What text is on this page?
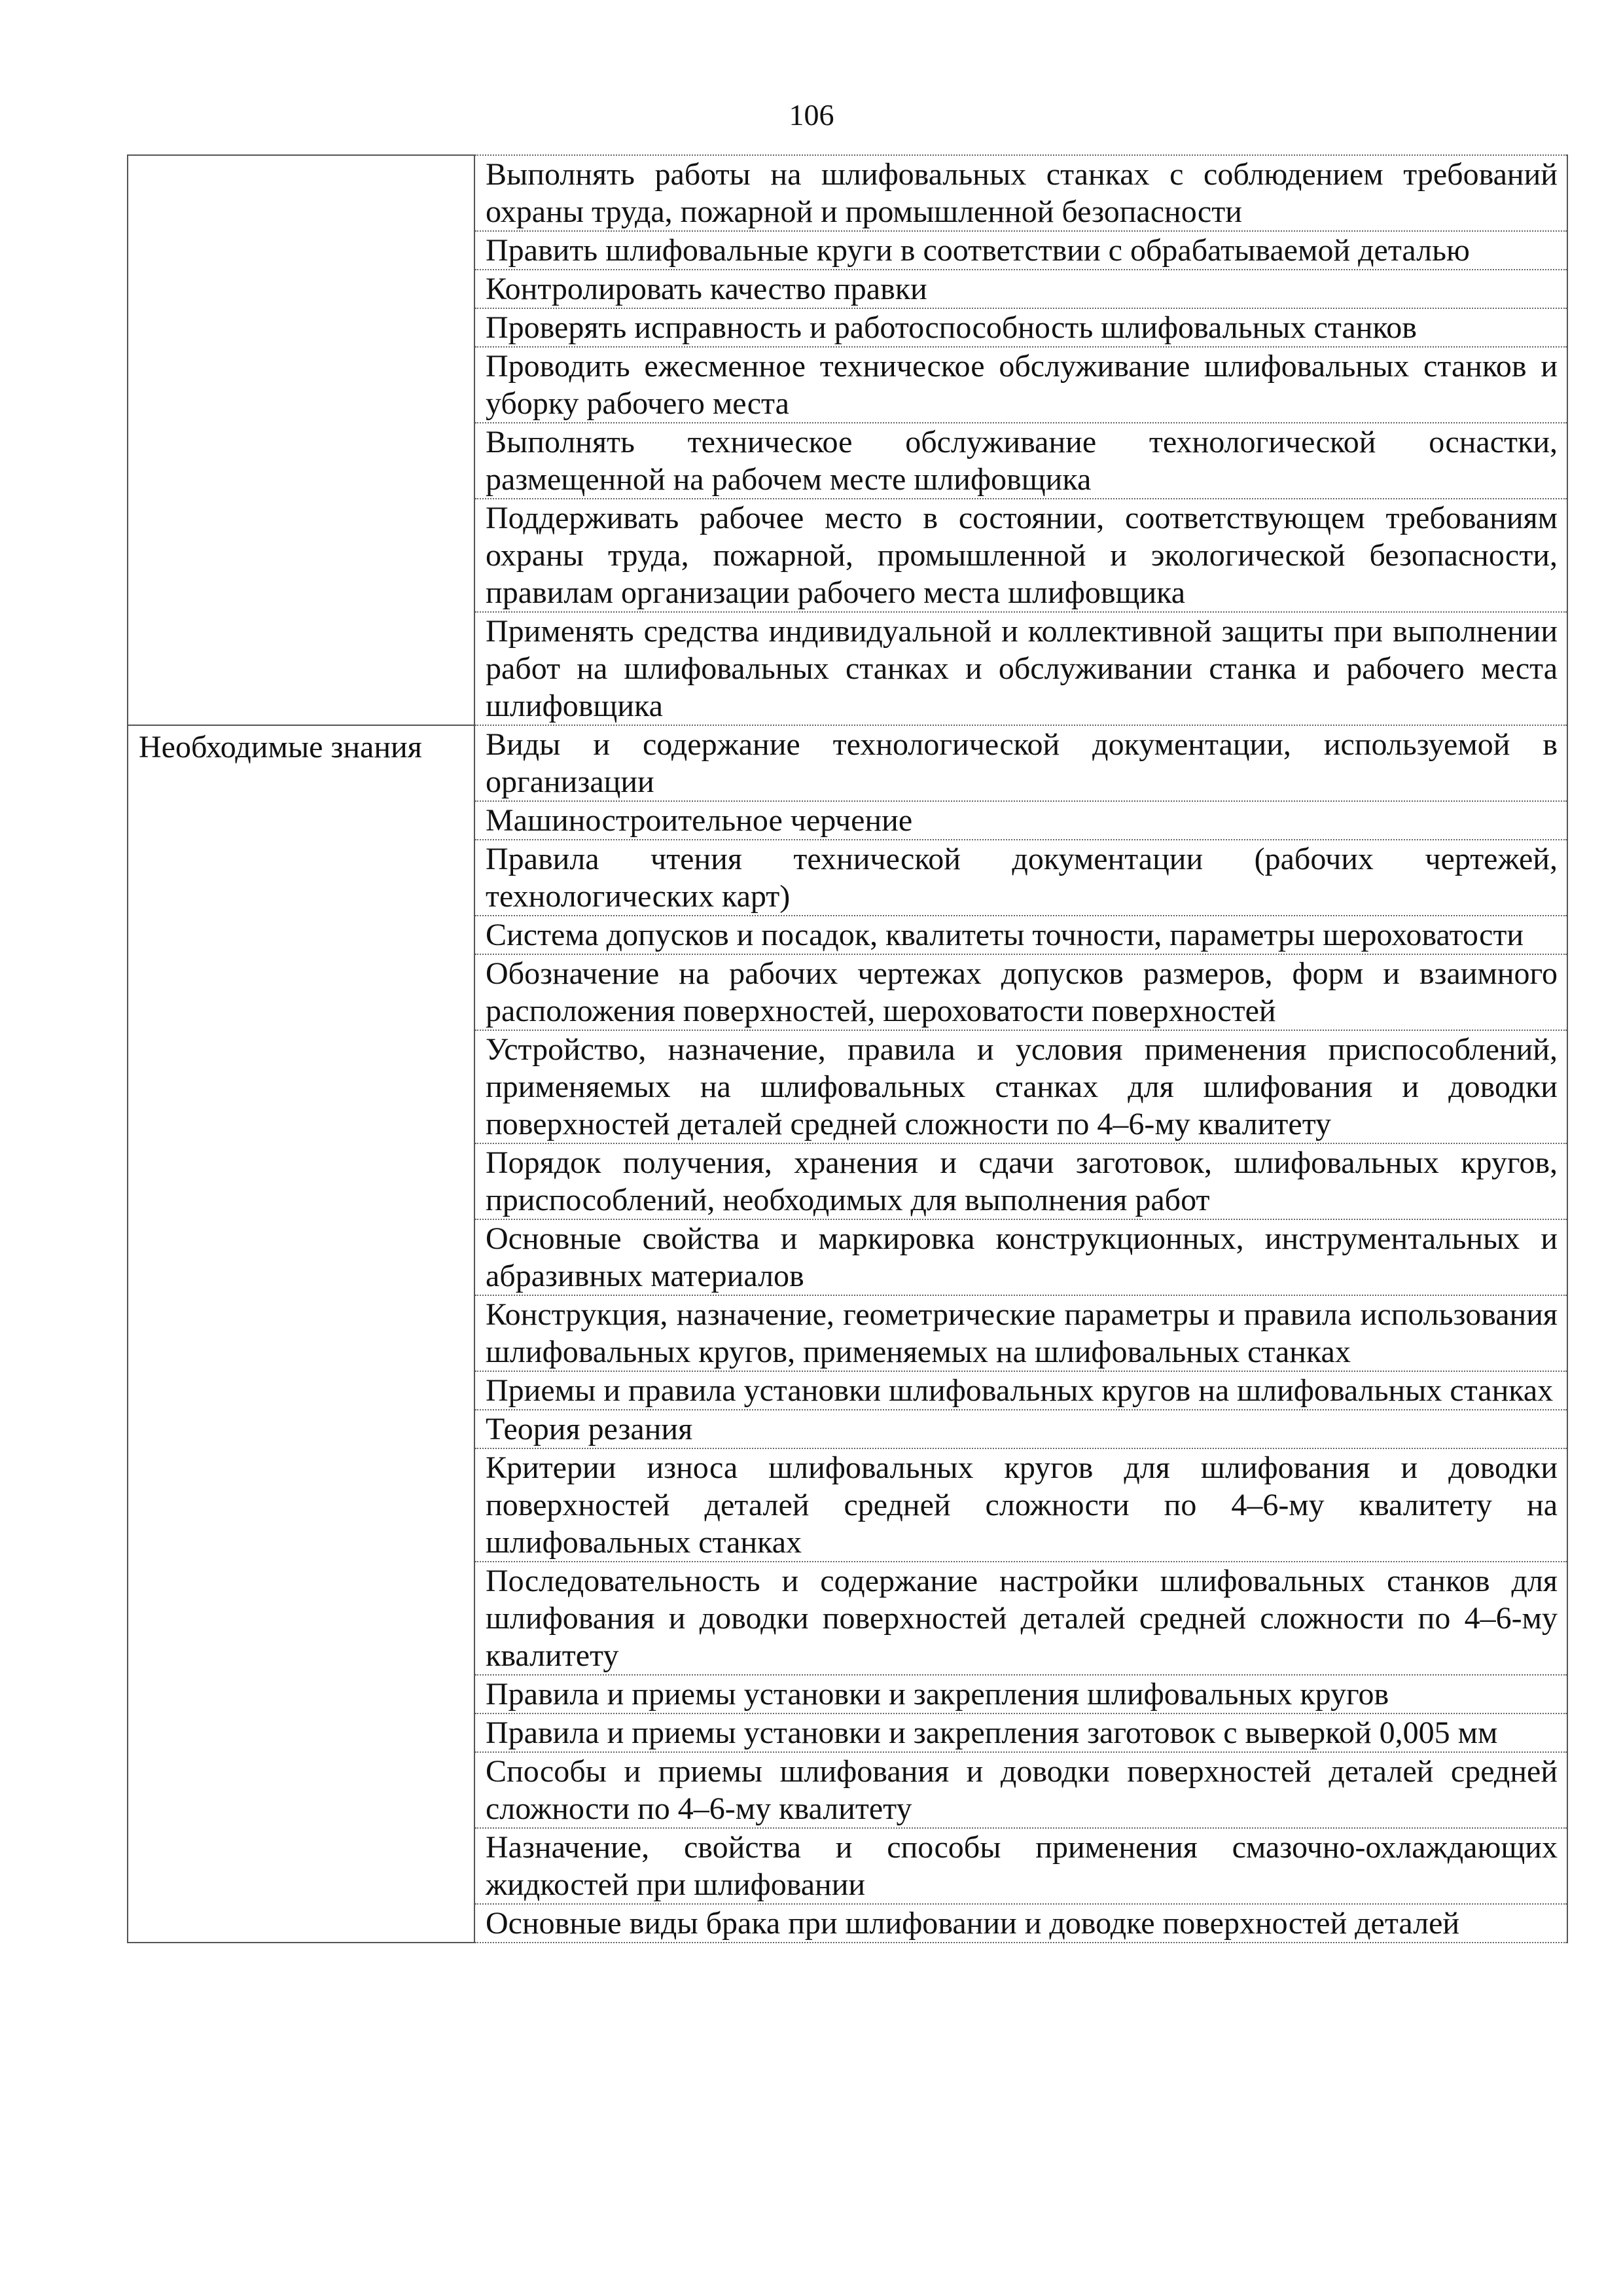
106
	Выполнять работы на шлифовальных станках с соблюдением требований охраны труда, пожарной и промышленной безопасности
	Править шлифовальные круги в соответствии с обрабатываемой деталью
	Контролировать качество правки
	Проверять исправность и работоспособность шлифовальных станков
	Проводить ежесменное техническое обслуживание шлифовальных станков и уборку рабочего места
	Выполнять техническое обслуживание технологической оснастки, размещенной на рабочем месте шлифовщика
	Поддерживать рабочее место в состоянии, соответствующем требованиям охраны труда, пожарной, промышленной и экологической безопасности, правилам организации рабочего места шлифовщика
	Применять средства индивидуальной и коллективной защиты при выполнении работ на шлифовальных станках и обслуживании станка и рабочего места шлифовщика

Необходимые знания	Виды и содержание технологической документации, используемой в организации
	Машиностроительное черчение
	Правила чтения технической документации (рабочих чертежей, технологических карт)
	Система допусков и посадок, квалитеты точности, параметры шероховатости
	Обозначение на рабочих чертежах допусков размеров, форм и взаимного расположения поверхностей, шероховатости поверхностей
	Устройство, назначение, правила и условия применения приспособлений, применяемых на шлифовальных станках для шлифования и доводки поверхностей деталей средней сложности по 4–6-му квалитету
	Порядок получения, хранения и сдачи заготовок, шлифовальных кругов, приспособлений, необходимых для выполнения работ
	Основные свойства и маркировка конструкционных, инструментальных и абразивных материалов
	Конструкция, назначение, геометрические параметры и правила использования шлифовальных кругов, применяемых на шлифовальных станках
	Приемы и правила установки шлифовальных кругов на шлифовальных станках
	Теория резания
	Критерии износа шлифовальных кругов для шлифования и доводки поверхностей деталей средней сложности по 4–6-му квалитету на шлифовальных станках
	Последовательность и содержание настройки шлифовальных станков для шлифования и доводки поверхностей деталей средней сложности по 4–6-му квалитету
	Правила и приемы установки и закрепления шлифовальных кругов
	Правила и приемы установки и закрепления заготовок с выверкой 0,005 мм
	Способы и приемы шлифования и доводки поверхностей деталей средней сложности по 4–6-му квалитету
	Назначение, свойства и способы применения смазочно-охлаждающих жидкостей при шлифовании
	Основные виды брака при шлифовании и доводке поверхностей деталей
